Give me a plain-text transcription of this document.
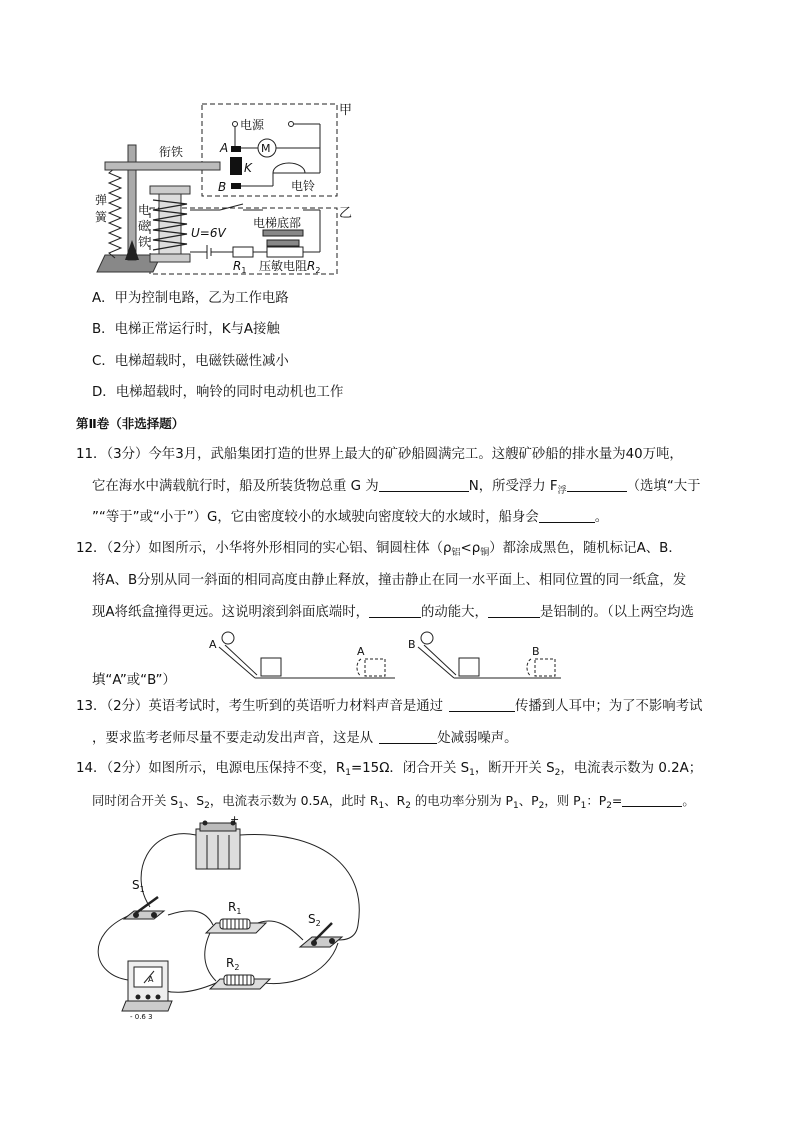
甲
乙
弹
簧
衔铁
电
磁
铁
A
K
B
电源
M
电铃
电梯底部
U=6V
$R_1$ 压敏电阻$R_2$
A．甲为控制电路，乙为工作电路
B．电梯正常运行时，K与A接触
C．电梯超载时，电磁铁磁性减小
D．电梯超载时，响铃的同时电动机也工作
第Ⅱ卷（非选择题）
11．（3分）今年3月，武船集团打造的世界上最大的矿砂船圆满完工。这艘矿砂船的排水量为40万吨，
它在海水中满载航行时，船及所装货物总重 G 为	N，所受浮力 $F_浮$	（选填“大于
”“等于”或“小于”）G，它由密度较小的水域驶向密度较大的水域时，船身会	。
12．（2分）如图所示，小华将外形相同的实心铝、铜圆柱体$(\rho_铝<\rho_铜)$都涂成黑色，随机标记A、B．
将A、B分别从同一斜面的相同高度由静止释放，撞击静止在同一水平面上、相同位置的同一纸盒，发
现A将纸盒撞得更远。这说明滚到斜面底端时，	的动能大，	是铝制的。（以上两空均选
A
A
B
B
填“A”或“B”）
13．（2分）英语考试时，考生听到的英语听力材料声音是通过	传播到人耳中；为了不影响考试
，要求监考老师尽量不要走动发出声音，这是从	处减弱噪声。
14．（2分）如图所示，电源电压保持不变，$R_1=15\Omega$．闭合开关 $S_1$，断开开关 $S_2$，电流表示数为 0.2A；
同时闭合开关 $S_1$、$S_2$，电流表示数为 0.5A，此时 $R_1$、$R_2$ 的电功率分别为 $P_1$、$P_2$，则 $P_1$：$P_2=$	。
+
$S_1$
$R_1$
$S_2$
$R_2$
A
- 0.6 3
